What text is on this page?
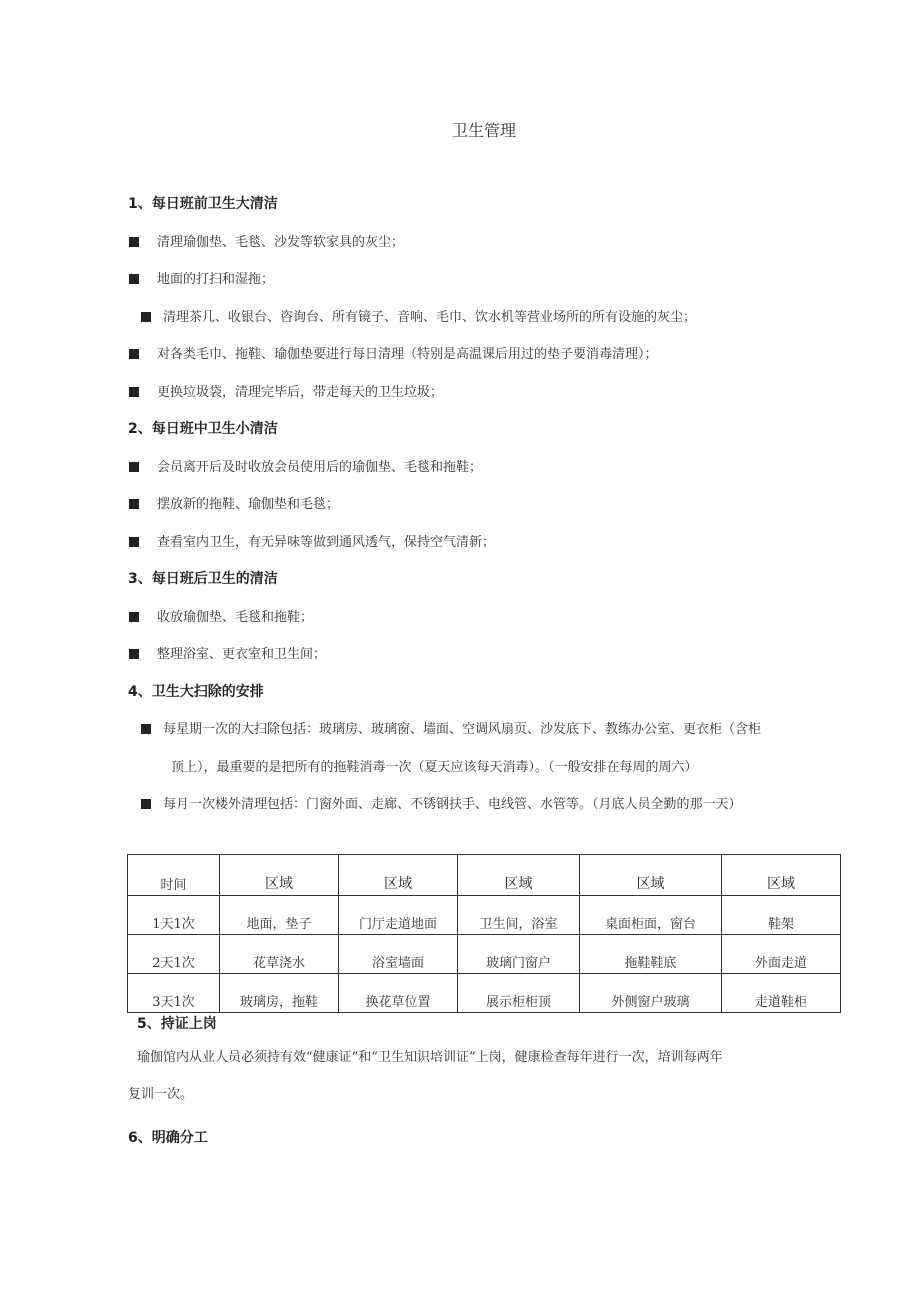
卫生管理
1、每日班前卫生大清洁
清理瑜伽垫、毛毯、沙发等软家具的灰尘；
地面的打扫和湿拖；
清理茶几、收银台、咨询台、所有镜子、音响、毛巾、饮水机等营业场所的所有设施的灰尘；
对各类毛巾、拖鞋、瑜伽垫要进行每日清理（特别是高温课后用过的垫子要消毒清理）；
更换垃圾袋，清理完毕后，带走每天的卫生垃圾；
2、每日班中卫生小清洁
会员离开后及时收放会员使用后的瑜伽垫、毛毯和拖鞋；
摆放新的拖鞋、瑜伽垫和毛毯；
查看室内卫生，有无异味等做到通风透气，保持空气清新；
3、每日班后卫生的清洁
收放瑜伽垫、毛毯和拖鞋；
整理浴室、更衣室和卫生间；
4、卫生大扫除的安排
每星期一次的大扫除包括：玻璃房、玻璃窗、墙面、空调风扇页、沙发底下、教练办公室、更衣柜（含柜
顶上），最重要的是把所有的拖鞋消毒一次（夏天应该每天消毒）。（一般安排在每周的周六）
每月一次楼外清理包括：门窗外面、走廊、不锈钢扶手、电线管、水管等。（月底人员全勤的那一天）
时间	区域	区域	区域	区域	区域
1天1次	地面，垫子	门厅走道地面	卫生间，浴室	桌面柜面，窗台	鞋架
2天1次	花草浇水	浴室墙面	玻璃门窗户	拖鞋鞋底	外面走道
3天1次	玻璃房，拖鞋	换花草位置	展示柜柜顶	外侧窗户玻璃	走道鞋柜
5、持证上岗
瑜伽馆内从业人员必须持有效“健康证”和“卫生知识培训证”上岗，健康检查每年进行一次，培训每两年
复训一次。
6、明确分工
